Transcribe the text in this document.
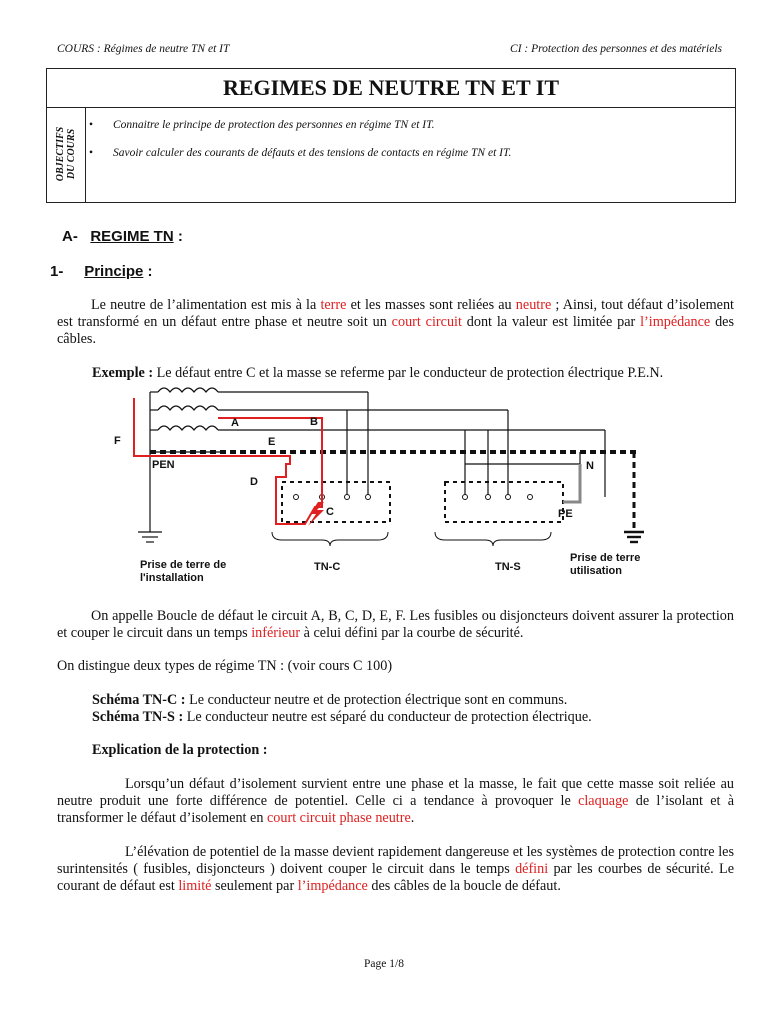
COURS : Régimes de neutre TN et IT	CI : Protection des personnes et des matériels
REGIMES DE NEUTRE TN ET IT
OBJECTIFS
DU COURS
• Connaitre le principe de protection des personnes en régime TN et IT.
• Savoir calculer des courants de défauts et des tensions de contacts en régime TN et IT.
A- REGIME TN :
1- Principe :

Le neutre de l’alimentation est mis à la terre et les masses sont reliées au neutre ; Ainsi, tout défaut d’isolement est transformé en un défaut entre phase et neutre soit un court circuit dont la valeur est limitée par l’impédance des câbles.

Exemple : Le défaut entre C et la masse se referme par le conducteur de protection électrique P.E.N.

A	B
C
D
E
F
PEN	N
PE
Prise de terre de
l'installation
TN-C	TN-S
Prise de terre
utilisation

On appelle Boucle de défaut le circuit A, B, C, D, E, F. Les fusibles ou disjoncteurs doivent assurer la protection et couper le circuit dans un temps inférieur à celui défini par la courbe de sécurité.

On distingue deux types de régime TN : (voir cours C 100)

Schéma TN-C : Le conducteur neutre et de protection électrique sont en communs.

Schéma TN-S : Le conducteur neutre est séparé du conducteur de protection électrique.

Explication de la protection :

Lorsqu’un défaut d’isolement survient entre une phase et la masse, le fait que cette masse soit reliée au neutre produit une forte différence de potentiel. Celle ci a tendance à provoquer le claquage de l’isolant et à transformer le défaut d’isolement en court circuit phase neutre.

L’élévation de potentiel de la masse devient rapidement dangereuse et les systèmes de protection contre les surintensités ( fusibles, disjoncteurs ) doivent couper le circuit dans le temps défini par les courbes de sécurité. Le courant de défaut est limité seulement par l’impédance des câbles de la boucle de défaut.

Page 1/8
